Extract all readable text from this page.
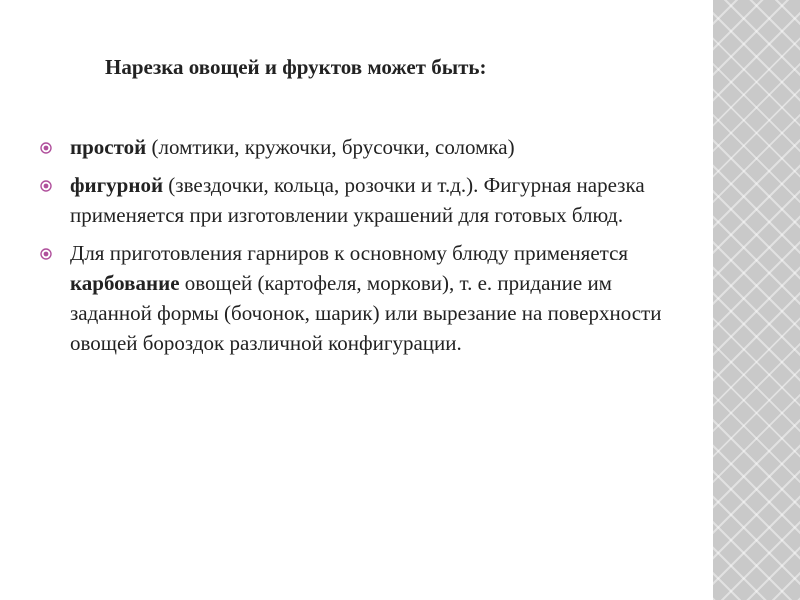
Нарезка овощей и фруктов может быть:
простой (ломтики, кружочки, брусочки, соломка)
фигурной (звездочки, кольца, розочки и т.д.). Фигурная нарезка применяется при изготовлении украшений для готовых блюд.
Для приготовления гарниров к основному блюду применяется карбование овощей (картофеля, моркови), т. е. придание им заданной формы (бочонок, шарик) или вырезание на поверхности овощей бороздок различной конфигурации.
